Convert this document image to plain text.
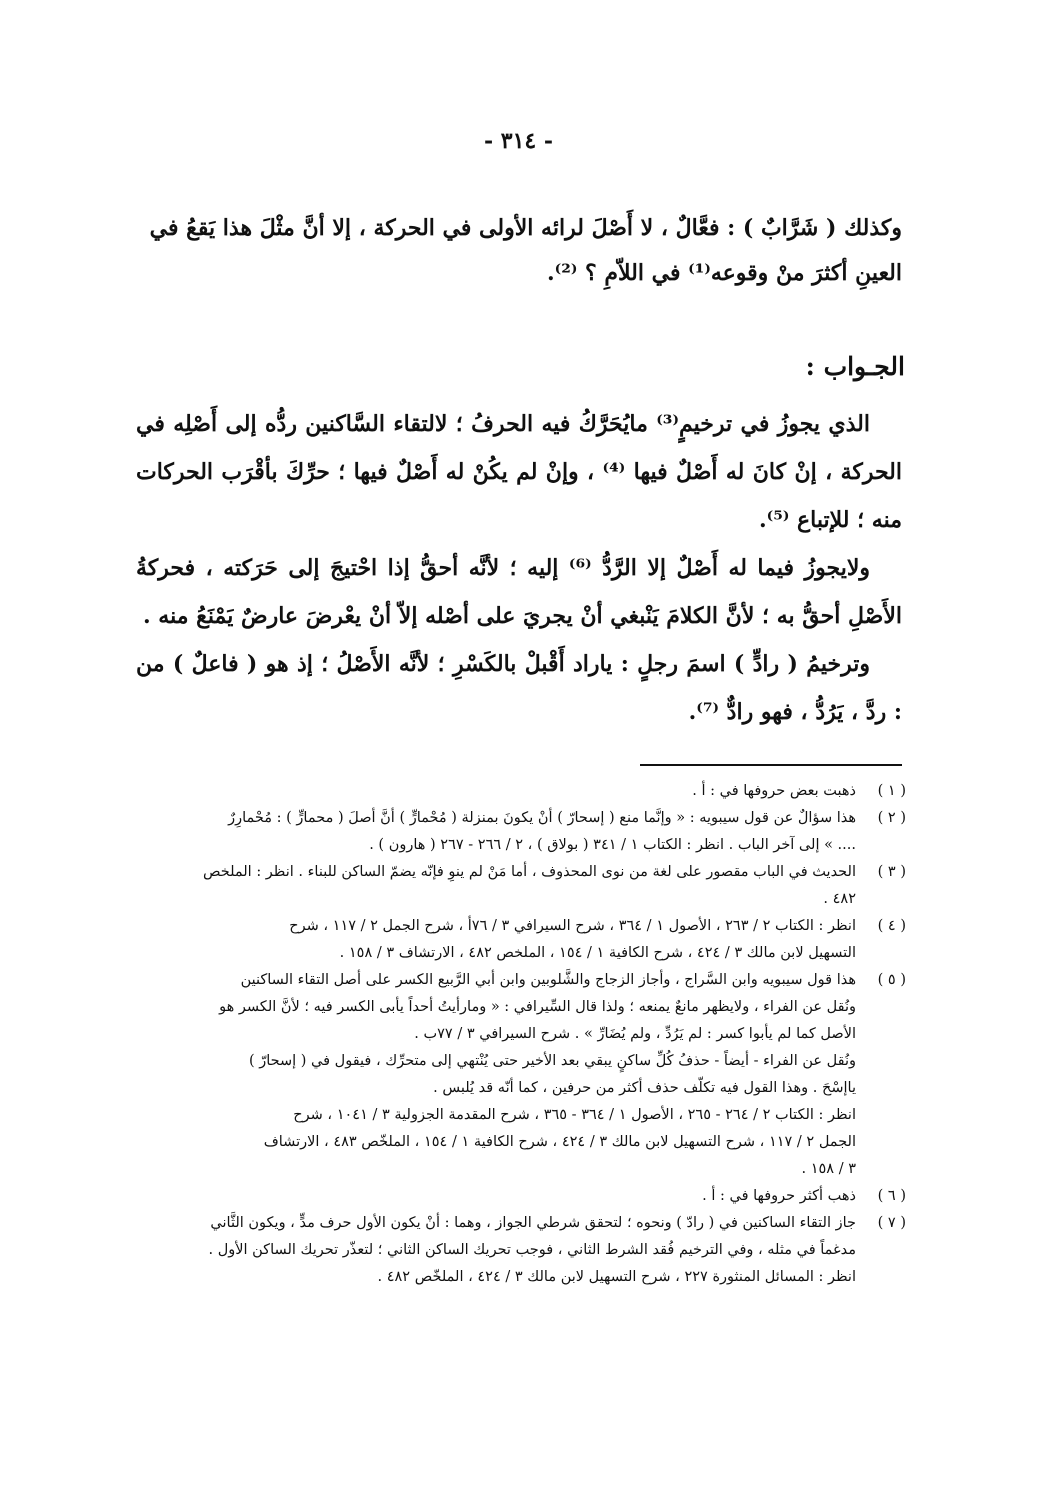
- ٣١٤ -

وكذلك ( شَرَّابٌ ) : فعَّالٌ ، لا أَصْلَ لرائه الأولى في الحركة ، إلا أنَّ مثْلَ هذا يَقعُ في

العينِ أكثرَ منْ وقوعه⁽¹⁾ في اللاّمِ ؟ ⁽²⁾.

الجـواب :

الذي يجوزُ في ترخيمٍ⁽³⁾ مايُحَرَّكُ فيه الحرفُ ؛ لالتقاء السَّاكنين ردُّه إلى أَصْلِه في الحركة ، إنْ كانَ له أَصْلٌ فيها ⁽⁴⁾ ، وإنْ لم يكُنْ له أَصْلٌ فيها ؛ حرِّكَ بأقْرَب الحركات منه ؛ للإتباع ⁽⁵⁾.

ولايجوزُ فيما له أَصْلٌ إلا الرَّدُّ ⁽⁶⁾ إليه ؛ لأنَّه أحقُّ إذا احْتيجَ إلى حَرَكته ، فحركةُ الأَصْلِ أحقُّ به ؛ لأنَّ الكلامَ يَنْبغي أنْ يجريَ على أصْله إلاّ أنْ يعْرضَ عارضٌ يَمْنَعُ منه .

وترخيمُ ( رادٍّ ) اسمَ رجلٍ : ياراد أَقْبلْ بالكَسْرِ ؛ لأنَّه الأَصْلُ ؛ إذ هو ( فاعلٌ ) من : ردَّ ، يَرُدُّ ، فهو رادٌّ ⁽⁷⁾.

( ١ )
ذهبت بعض حروفها في : أ .
( ٢ )
هذا سؤالٌ عن قول سيبويه : « وإنَّما منع ( إسحارّ ) أنْ يكونَ بمنزلة ( مُحْمارٍّ ) أنَّ أصلَ ( محمارٍّ ) : مُحْمارِرٌ
.... » إلى آخر الباب . انظر : الكتاب ١ / ٣٤١ ( بولاق ) ، ٢ / ٢٦٦ - ٢٦٧ ( هارون ) .
( ٣ )
الحديث في الباب مقصور على لغة من نوى المحذوف ، أما مَنْ لم ينوِ فإنّه يضمّ الساكن للبناء . انظر : الملخص
٤٨٢ .
( ٤ )
انظر : الكتاب ٢ / ٢٦٣ ، الأصول ١ / ٣٦٤ ، شرح السيرافي ٣ / ٧٦أ ، شرح الجمل ٢ / ١١٧ ، شرح
التسهيل لابن مالك ٣ / ٤٢٤ ، شرح الكافية ١ / ١٥٤ ، الملخص ٤٨٢ ، الارتشاف ٣ / ١٥٨ .
( ٥ )
هذا قول سيبويه وابن السَّراج ، وأجاز الزجاج والشَّلوبين وابن أبي الرَّبيع الكسر على أصل التقاء الساكنين
ونُقل عن الفراء ، ولايظهر مانعٌ يمنعه ؛ ولذا قال السِّيرافي : « ومارأيتُ أحداً يأبى الكسر فيه ؛ لأنَّ الكسر هو
الأصل كما لم يأبوا كسر : لم يَرُدِّ ، ولم يُضَارِّ » . شرح السيرافي ٣ / ٧٧ب .
ونُقل عن الفراء - أيضاً - حذفُ كُلِّ ساكنٍ يبقي بعد الأخير حتى يُنْتهي إلى متحرِّك ، فيقول في ( إسحارّ )
ياإسْحَ . وهذا القول فيه تكلّف حذف أكثر من حرفين ، كما أنّه قد يُلبس .
انظر : الكتاب ٢ / ٢٦٤ - ٢٦٥ ، الأصول ١ / ٣٦٤ - ٣٦٥ ، شرح المقدمة الجزولية ٣ / ١٠٤١ ، شرح
الجمل ٢ / ١١٧ ، شرح التسهيل لابن مالك ٣ / ٤٢٤ ، شرح الكافية ١ / ١٥٤ ، الملخّص ٤٨٣ ، الارتشاف
٣ / ١٥٨ .
( ٦ )
ذهب أكثر حروفها في : أ .
( ٧ )
جاز التقاء الساكنين في ( رادّ ) ونحوه ؛ لتحقق شرطي الجواز ، وهما : أنْ يكون الأول حرف مدٍّ ، ويكون الثَّاني
مدغماً في مثله ، وفي الترخيم فُقد الشرط الثاني ، فوجب تحريك الساكن الثاني ؛ لتعذّر تحريك الساكن الأول .
انظر : المسائل المنثورة ٢٢٧ ، شرح التسهيل لابن مالك ٣ / ٤٢٤ ، الملخّص ٤٨٢ .
